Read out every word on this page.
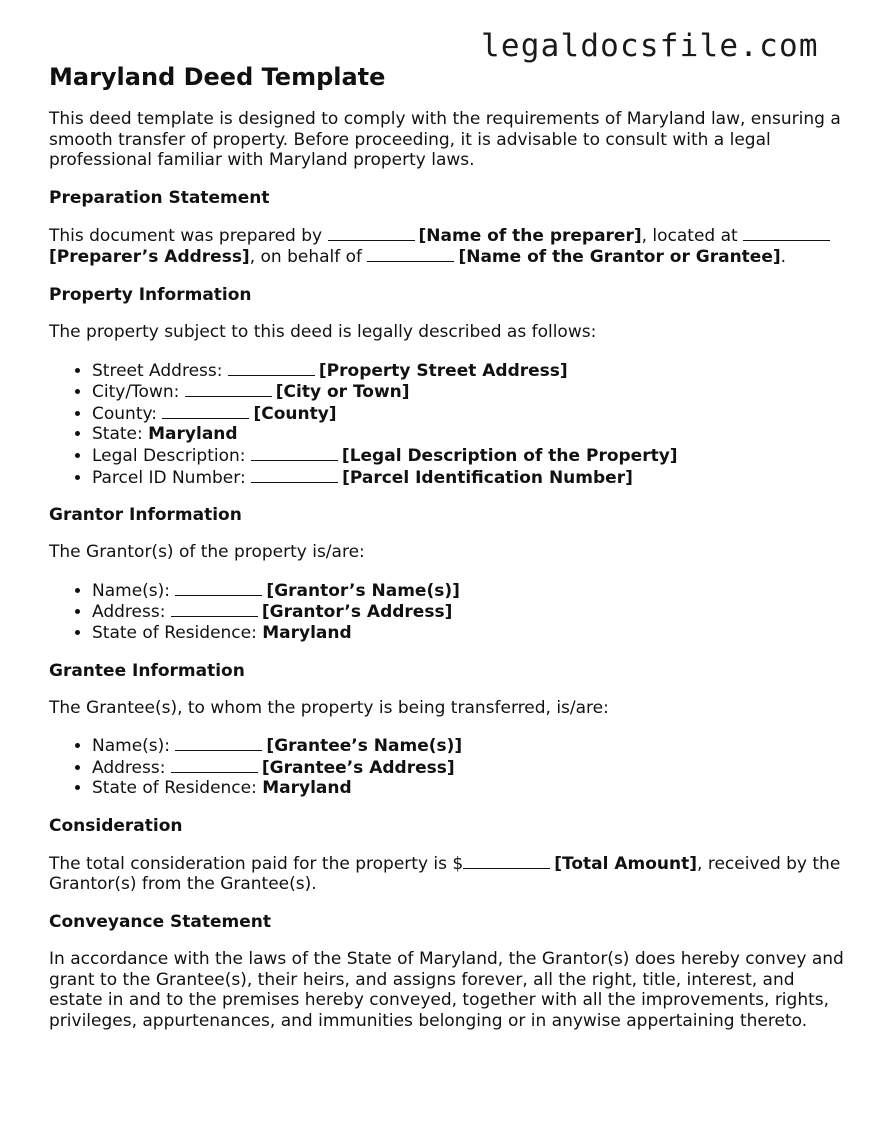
legaldocsfile.com
Maryland Deed Template

This deed template is designed to comply with the requirements of Maryland law, ensuring a smooth transfer of property. Before proceeding, it is advisable to consult with a legal professional familiar with Maryland property laws.

Preparation Statement

This document was prepared by	[Name of the preparer], located at [Preparer’s Address], on behalf of	[Name of the Grantor or Grantee].

Property Information

The property subject to this deed is legally described as follows:

• Street Address:	[Property Street Address]
• City/Town:	[City or Town]
• County:	[County]
• State: Maryland
• Legal Description:	[Legal Description of the Property]
• Parcel ID Number:	[Parcel Identification Number]
Grantor Information

The Grantor(s) of the property is/are:

• Name(s):	[Grantor’s Name(s)]
• Address:	[Grantor’s Address]
• State of Residence: Maryland
Grantee Information

The Grantee(s), to whom the property is being transferred, is/are:

• Name(s):	[Grantee’s Name(s)]
• Address:	[Grantee’s Address]
• State of Residence: Maryland
Consideration

The total consideration paid for the property is $	[Total Amount], received by the Grantor(s) from the Grantee(s).

Conveyance Statement

In accordance with the laws of the State of Maryland, the Grantor(s) does hereby convey and grant to the Grantee(s), their heirs, and assigns forever, all the right, title, interest, and estate in and to the premises hereby conveyed, together with all the improvements, rights, privileges, appurtenances, and immunities belonging or in anywise appertaining thereto.
